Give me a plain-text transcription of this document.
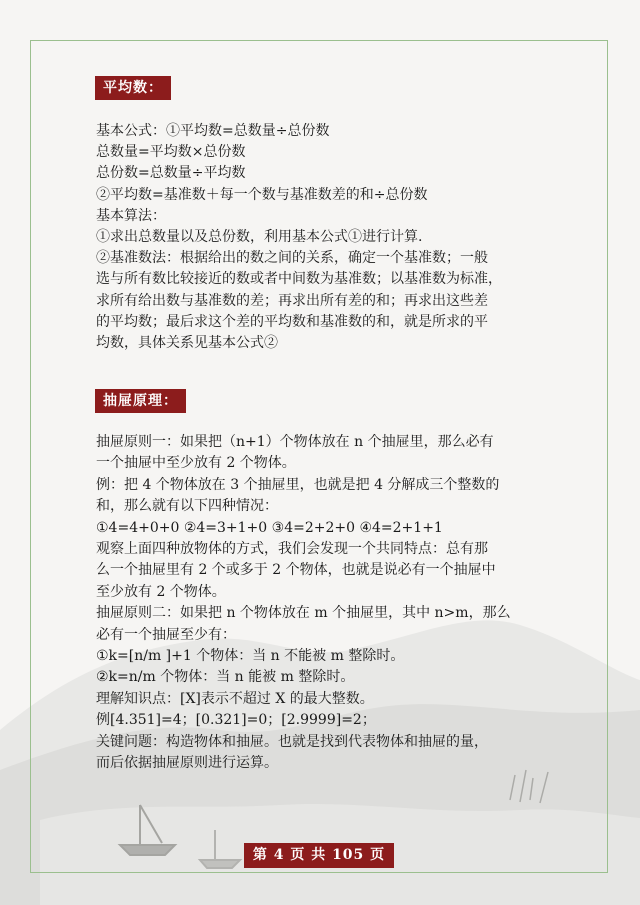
平均数：
基本公式：①平均数=总数量÷总份数
总数量=平均数×总份数
总份数=总数量÷平均数
②平均数=基准数＋每一个数与基准数差的和÷总份数
基本算法：
①求出总数量以及总份数，利用基本公式①进行计算.
②基准数法：根据给出的数之间的关系，确定一个基准数；一般
选与所有数比较接近的数或者中间数为基准数；以基准数为标准，
求所有给出数与基准数的差；再求出所有差的和；再求出这些差
的平均数；最后求这个差的平均数和基准数的和，就是所求的平
均数，具体关系见基本公式②
抽屉原理：
抽屉原则一：如果把（n+1）个物体放在 n 个抽屉里，那么必有
一个抽屉中至少放有 2 个物体。
例：把 4 个物体放在 3 个抽屉里，也就是把 4 分解成三个整数的
和，那么就有以下四种情况：
①4=4+0+0 ②4=3+1+0 ③4=2+2+0 ④4=2+1+1
观察上面四种放物体的方式，我们会发现一个共同特点：总有那
么一个抽屉里有 2 个或多于 2 个物体，也就是说必有一个抽屉中
至少放有 2 个物体。
抽屉原则二：如果把 n 个物体放在 m 个抽屉里，其中 n>m，那么
必有一个抽屉至少有：
①k=[n/m ]+1 个物体：当 n 不能被 m 整除时。
②k=n/m 个物体：当 n 能被 m 整除时。
理解知识点：[X]表示不超过 X 的最大整数。
例[4.351]=4；[0.321]=0；[2.9999]=2；
关键问题：构造物体和抽屉。也就是找到代表物体和抽屉的量，
而后依据抽屉原则进行运算。
第 4 页 共 105 页
